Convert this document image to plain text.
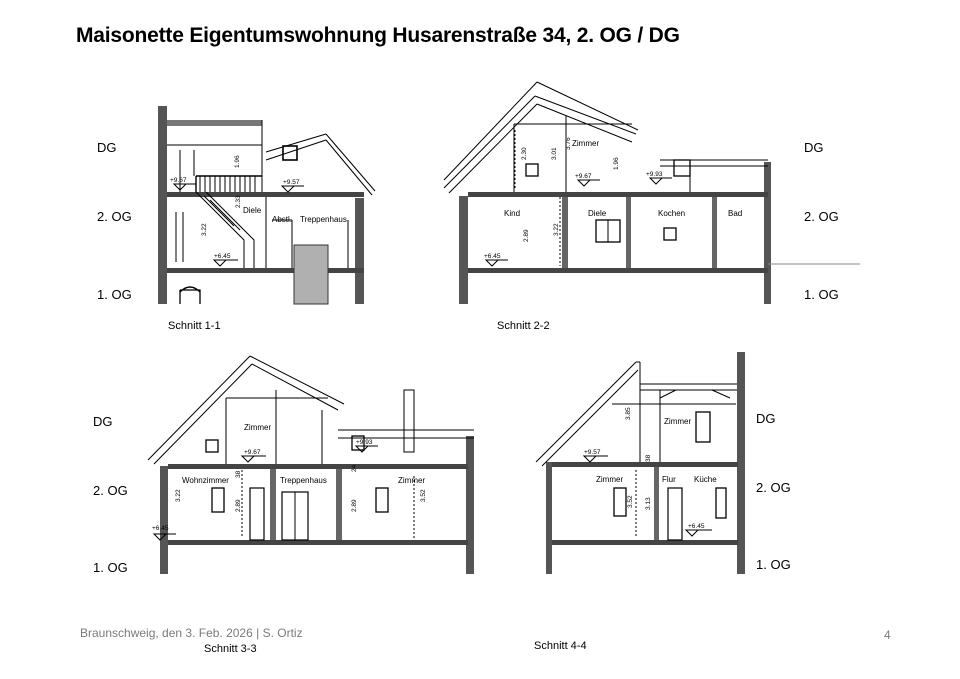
Maisonette Eigentumswohnung Husarenstraße 34, 2. OG / DG
DG
2. OG
1. OG
DG
2. OG
1. OG
DG
2. OG
1. OG
DG
2. OG
1. OG
Schnitt 1-1	Schnitt 2-2
Schnitt 3-3	Schnitt 4-4
Braunschweig, den 3. Feb. 2026 | S. Ortiz	4
Diele
Abstl. Treppenhaus
3.22
2.33
1.96
+9.67	+9.57
+6.45
Zimmer
Kind	Diele	Kochen	Bad
2.30
3.76
3.01
1.96
2.89	3.22
+9.67	+9.93
+6.45
Zimmer
Wohnzimmer	Treppenhaus	Zimmer
3.22
2.89	2.89
3.52
38
24
+9.67
+9.93
+6.45
Zimmer
Zimmer	Flur Küche
3.52 3.13
38
3.85
+9.57
+6.45
